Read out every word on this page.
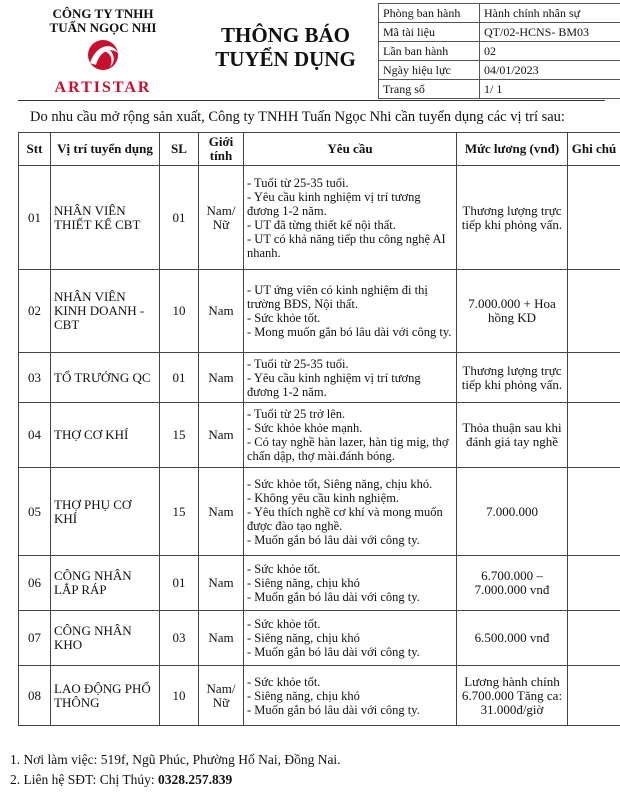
CÔNG TY TNHH
TUẤN NGỌC NHI
ARTISTAR
THÔNG BÁO
TUYỂN DỤNG
Phòng ban hành	Hành chính nhân sự
Mã tài liệu	QT/02-HCNS- BM03
Lần ban hành	02
Ngày hiệu lực	04/01/2023
Trang số	1/ 1
Do nhu cầu mở rộng sản xuất, Công ty TNHH Tuấn Ngọc Nhi cần tuyển dụng các vị trí sau:
Stt	Vị trí tuyển dụng	SL	Giới tính	Yêu cầu	Mức lương (vnđ)	Ghi chú
01	NHÂN VIÊN THIẾT KẾ CBT	01	Nam/ Nữ	- Tuổi từ 25-35 tuổi.
- Yêu cầu kinh nghiệm vị trí tương đương 1-2 năm.
- UT đã từng thiết kế nội thất.
- UT có khả năng tiếp thu công nghệ AI nhanh.	Thương lượng trực tiếp khi phỏng vấn.	
02	NHÂN VIÊN KINH DOANH - CBT	10	Nam	- UT ứng viên có kinh nghiệm đi thị trường BĐS, Nội thất.
- Sức khỏe tốt.
- Mong muốn gắn bó lâu dài với công ty.	7.000.000 + Hoa hồng KD	
03	TỔ TRƯỞNG QC	01	Nam	- Tuổi từ 25-35 tuổi.
- Yêu cầu kinh nghiệm vị trí tương đương 1-2 năm.	Thương lượng trực tiếp khi phỏng vấn.	
04	THỢ CƠ KHÍ	15	Nam	- Tuổi từ 25 trở lên.
- Sức khỏe khỏe mạnh.
- Có tay nghề hàn lazer, hàn tig mig, thợ chấn dập, thợ mài.đánh bóng.	Thỏa thuận sau khi đánh giá tay nghề	
05	THỢ PHỤ CƠ KHÍ	15	Nam	- Sức khỏe tốt, Siêng năng, chịu khó.
- Không yêu cầu kinh nghiệm.
- Yêu thích nghề cơ khí và mong muốn được đào tạo nghề.
- Muốn gắn bó lâu dài với công ty.	7.000.000	
06	CÔNG NHÂN LẮP RÁP	01	Nam	- Sức khỏe tốt.
- Siêng năng, chịu khó
- Muốn gắn bó lâu dài với công ty.	6.700.000 – 7.000.000 vnđ	
07	CÔNG NHÂN KHO	03	Nam	- Sức khỏe tốt.
- Siêng năng, chịu khó
- Muốn gắn bó lâu dài với công ty.	6.500.000 vnđ	
08	LAO ĐỘNG PHỔ THÔNG	10	Nam/ Nữ	- Sức khỏe tốt.
- Siêng năng, chịu khó
- Muốn gắn bó lâu dài với công ty.	Lương hành chính 6.700.000 Tăng ca: 31.000đ/giờ	
1. Nơi làm việc: 519f, Ngũ Phúc, Phường Hố Nai, Đồng Nai.
2. Liên hệ SĐT: Chị Thúy: 0328.257.839
